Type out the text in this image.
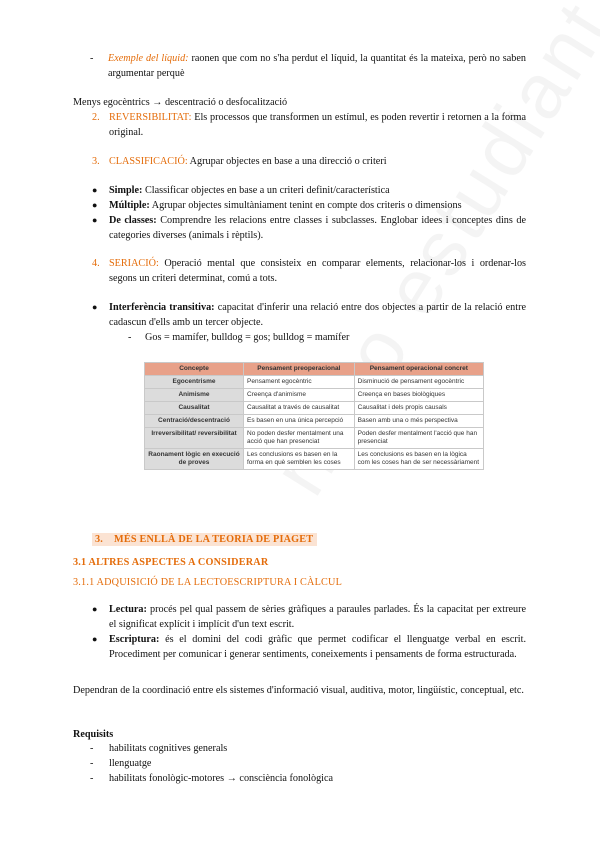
- Exemple del líquid: raonen que com no s'ha perdut el líquid, la quantitat és la mateixa, però no saben argumentar perquè
Menys egocèntrics → descentració o desfocalització
2. REVERSIBILITAT: Els processos que transformen un estímul, es poden revertir i retornen a la forma original.
3. CLASSIFICACIÓ: Agrupar objectes en base a una direcció o criteri
● Simple: Classificar objectes en base a un criteri definit/característica
● Múltiple: Agrupar objectes simultàniament tenint en compte dos criteris o dimensions
● De classes: Comprendre les relacions entre classes i subclasses. Englobar idees i conceptes dins de categories diverses (animals i rèptils).
4. SERIACIÓ: Operació mental que consisteix en comparar elements, relacionar-los i ordenar-los segons un criteri determinat, comú a tots.
● Interferència transitiva: capacitat d'inferir una relació entre dos objectes a partir de la relació entre cadascun d'ells amb un tercer objecte.
- Gos = mamífer, bulldog = gos; bulldog = mamífer
Concepte	Pensament preoperacional	Pensament operacional concret
Egocentrisme	Pensament egocèntric	Disminució de pensament egocèntric
Animisme	Creença d'animisme	Creença en bases biològiques
Causalitat	Causalitat a través de causalitat	Causalitat i dels propis causals
Centració/descentració	Es basen en una única percepció	Basen amb una o més perspectiva
Irreversibilitat/ reversibilitat	No poden desfer mentalment una acció que han presenciat	Poden desfer mentalment l'acció que han presenciat
Raonament lògic en execució de proves	Les conclusions es basen en la forma en què semblen les coses	Les conclusions es basen en la lògica com les coses han de ser necessàriament
3. MÉS ENLLÀ DE LA TEORIA DE PIAGET
3.1 ALTRES ASPECTES A CONSIDERAR
3.1.1 ADQUISICIÓ DE LA LECTOESCRIPTURA I CÀLCUL
● Lectura: procés pel qual passem de sèries gràfiques a paraules parlades. És la capacitat per extreure el significat explícit i implícit d'un text escrit.
● Escriptura: és el domini del codi gràfic que permet codificar el llenguatge verbal en escrit. Procediment per comunicar i generar sentiments, coneixements i pensaments de forma estructurada.
Dependran de la coordinació entre els sistemes d'informació visual, auditiva, motor, lingüístic, conceptual, etc.
Requisits
- habilitats cognitives generals
- llenguatge
- habilitats fonològic-motores → consciència fonològica
